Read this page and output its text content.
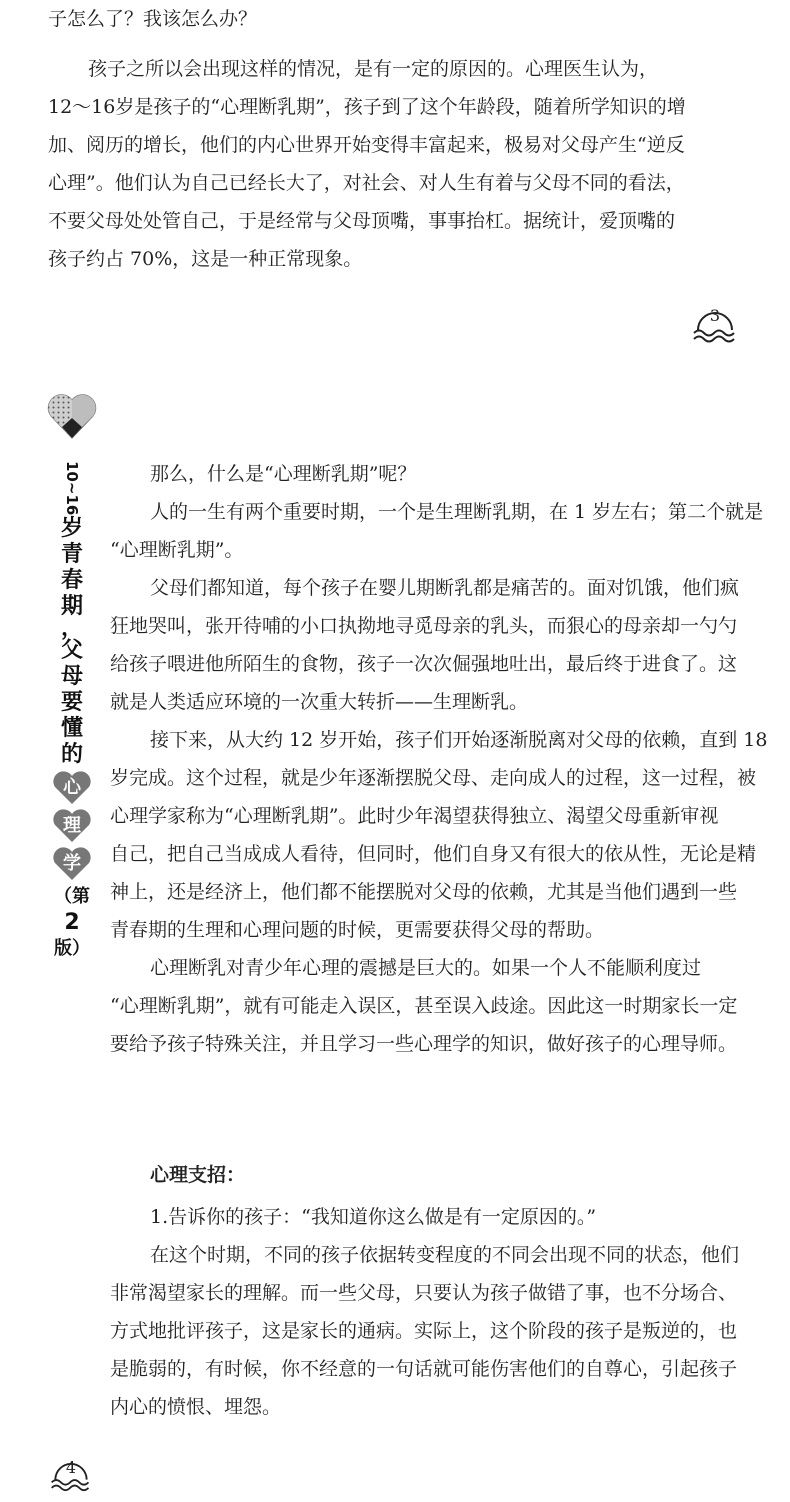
子怎么了？我该怎么办？
孩子之所以会出现这样的情况，是有一定的原因的。心理医生认为，
12～16岁是孩子的“心理断乳期”，孩子到了这个年龄段，随着所学知识的增
加、阅历的增长，他们的内心世界开始变得丰富起来，极易对父母产生“逆反
心理”。他们认为自己已经长大了，对社会、对人生有着与父母不同的看法，
不要父母处处管自己，于是经常与父母顶嘴，事事抬杠。据统计，爱顶嘴的
孩子约占 70%，这是一种正常现象。
3
10~16
岁
青
春
期
，
父
母
要
懂
的
心
理
学
（第
2
版）
那么，什么是“心理断乳期”呢？
人的一生有两个重要时期，一个是生理断乳期，在 1 岁左右；第二个就是
“心理断乳期”。
父母们都知道，每个孩子在婴儿期断乳都是痛苦的。面对饥饿，他们疯
狂地哭叫，张开待哺的小口执拗地寻觅母亲的乳头，而狠心的母亲却一勺勺
给孩子喂进他所陌生的食物，孩子一次次倔强地吐出，最后终于进食了。这
就是人类适应环境的一次重大转折——生理断乳。
接下来，从大约 12 岁开始，孩子们开始逐渐脱离对父母的依赖，直到 18
岁完成。这个过程，就是少年逐渐摆脱父母、走向成人的过程，这一过程，被
心理学家称为“心理断乳期”。此时少年渴望获得独立、渴望父母重新审视
自己，把自己当成成人看待，但同时，他们自身又有很大的依从性，无论是精
神上，还是经济上，他们都不能摆脱对父母的依赖，尤其是当他们遇到一些
青春期的生理和心理问题的时候，更需要获得父母的帮助。
心理断乳对青少年心理的震撼是巨大的。如果一个人不能顺利度过
“心理断乳期”，就有可能走入误区，甚至误入歧途。因此这一时期家长一定
要给予孩子特殊关注，并且学习一些心理学的知识，做好孩子的心理导师。
心理支招：
1.告诉你的孩子：“我知道你这么做是有一定原因的。”
在这个时期，不同的孩子依据转变程度的不同会出现不同的状态，他们
非常渴望家长的理解。而一些父母，只要认为孩子做错了事，也不分场合、
方式地批评孩子，这是家长的通病。实际上，这个阶段的孩子是叛逆的，也
是脆弱的，有时候，你不经意的一句话就可能伤害他们的自尊心，引起孩子
内心的愤恨、埋怨。
4
